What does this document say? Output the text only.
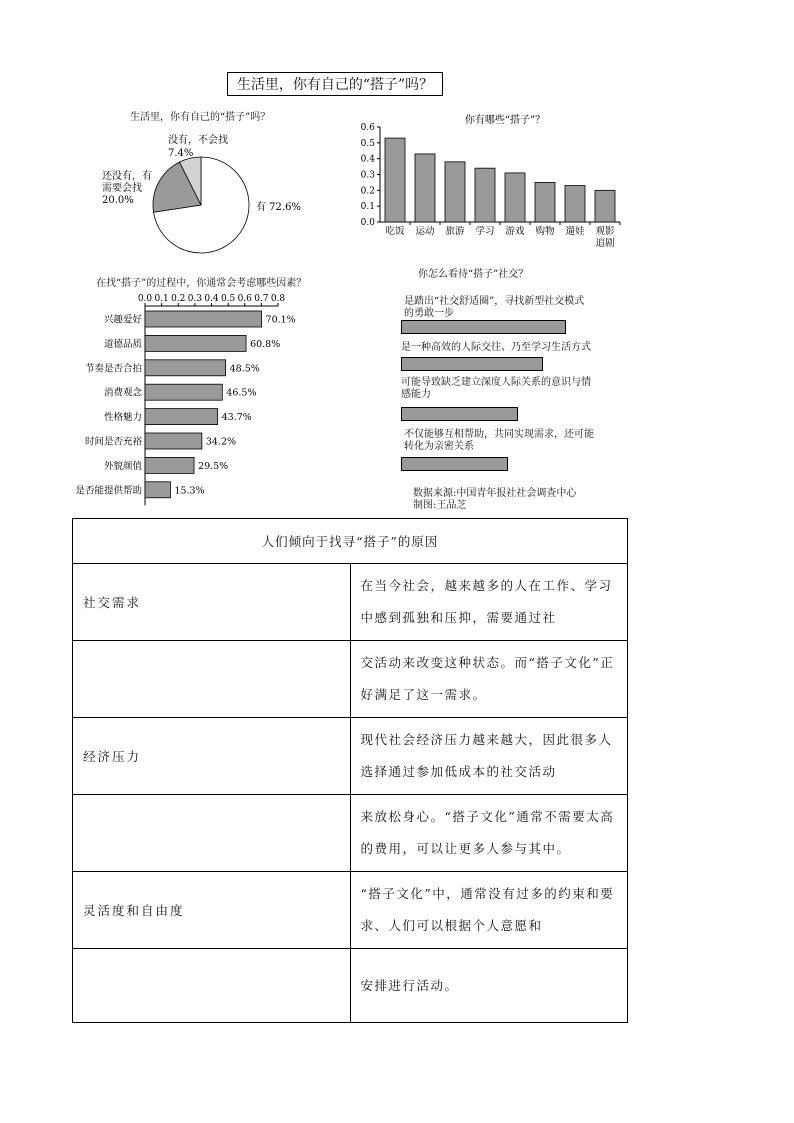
生活里，你有自己的“搭子”吗？
生活里，你有自己的“搭子”吗？
有 72.6%
还没有，有
需要会找
20.0%
没有，不会找
7.4%
你有哪些“搭子”？
0.0
0.1
0.2
0.3
0.4
0.5
0.6
吃饭 运动 旅游 学习 游戏 购物 遛娃 观影
追剧
在找“搭子”的过程中，你通常会考虑哪些因素？
0.0 0.1 0.2 0.3 0.4 0.5 0.6 0.7 0.8
兴趣爱好	70.1%
道德品质	60.8%
节奏是否合拍	48.5%
消费观念	46.5%
性格魅力	43.7%
时间是否充裕	34.2%
外貌颜值	29.5%
是否能提供帮助	15.3%
你怎么看待“搭子”社交？
是踏出“社交舒适圈”，寻找新型社交模式
的勇敢一步
是一种高效的人际交往、乃至学习生活方式
可能导致缺乏建立深度人际关系的意识与情
感能力
不仅能够互相帮助，共同实现需求，还可能
转化为亲密关系
数据来源:中国青年报社社会调查中心
制图:王品芝
人们倾向于找寻“搭子”的原因	
社交需求	在当今社会，越来越多的人在工作、学习中感到孤独和压抑，需要通过社
	交活动来改变这种状态。而“搭子文化”正好满足了这一需求。
经济压力	现代社会经济压力越来越大，因此很多人选择通过参加低成本的社交活动
	来放松身心。“搭子文化”通常不需要太高的费用，可以让更多人参与其中。
灵活度和自由度	“搭子文化”中，通常没有过多的约束和要求、人们可以根据个人意愿和
	安排进行活动。
